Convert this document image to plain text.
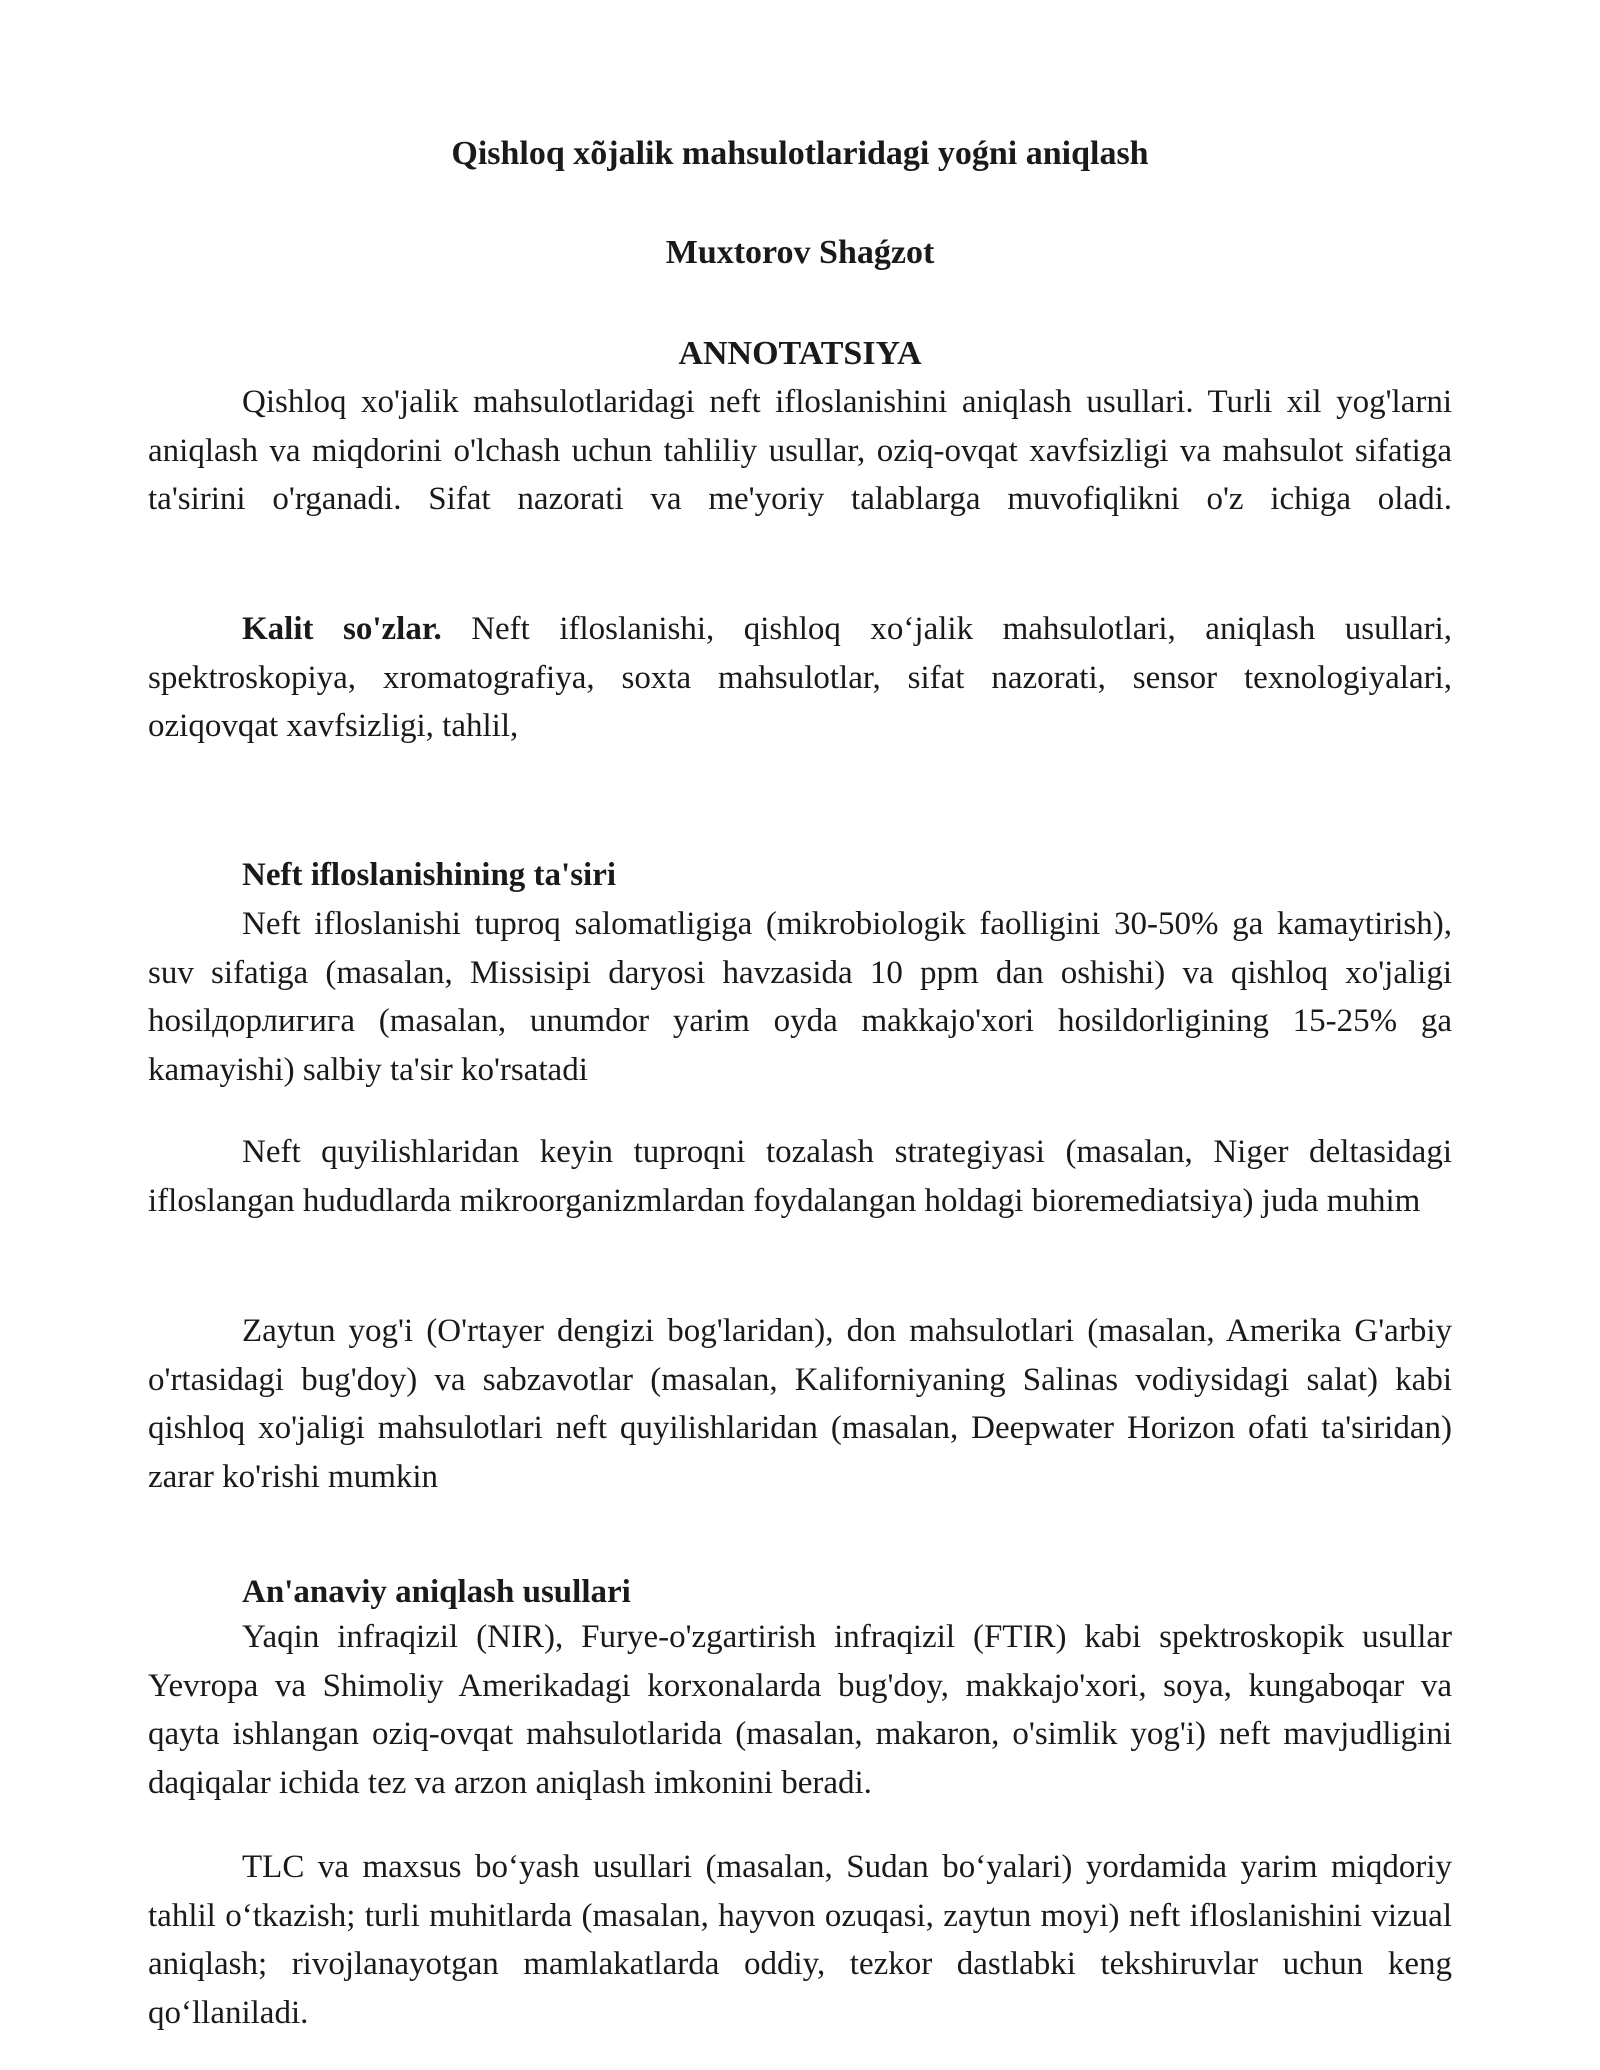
Qishloq xõjalik mahsulotlaridagi yoǵni aniqlash
Muxtorov Shaǵzot
ANNOTATSIYA

Qishloq xo'jalik mahsulotlaridagi neft ifloslanishini aniqlash usullari. Turli xil yog'larni aniqlash va miqdorini o'lchash uchun tahliliy usullar, oziq-ovqat xavfsizligi va mahsulot sifatiga ta'sirini o'rganadi. Sifat nazorati va me'yoriy talablarga muvofiqlikni o'z ichiga oladi.

Kalit so'zlar. Neft ifloslanishi, qishloq xo‘jalik mahsulotlari, aniqlash usullari, spektroskopiya, xromatografiya, soxta mahsulotlar, sifat nazorati, sensor texnologiyalari, oziqovqat xavfsizligi, tahlil,

Neft ifloslanishining ta'siri

Neft ifloslanishi tuproq salomatligiga (mikrobiologik faolligini 30-50% ga kamaytirish), suv sifatiga (masalan, Missisipi daryosi havzasida 10 ppm dan oshishi) va qishloq xo'jaligi hosilдорлигига (masalan, unumdor yarim oyda makkajo'xori hosildorligining 15-25% ga kamayishi) salbiy ta'sir ko'rsatadi

Neft quyilishlaridan keyin tuproqni tozalash strategiyasi (masalan, Niger deltasidagi ifloslangan hududlarda mikroorganizmlardan foydalangan holdagi bioremediatsiya) juda muhim

Zaytun yog'i (O'rtayer dengizi bog'laridan), don mahsulotlari (masalan, Amerika G'arbiy o'rtasidagi bug'doy) va sabzavotlar (masalan, Kaliforniyaning Salinas vodiysidagi salat) kabi qishloq xo'jaligi mahsulotlari neft quyilishlaridan (masalan, Deepwater Horizon ofati ta'siridan) zarar ko'rishi mumkin

An'anaviy aniqlash usullari

Yaqin infraqizil (NIR), Furye-o'zgartirish infraqizil (FTIR) kabi spektroskopik usullar Yevropa va Shimoliy Amerikadagi korxonalarda bug'doy, makkajo'xori, soya, kungaboqar va qayta ishlangan oziq-ovqat mahsulotlarida (masalan, makaron, o'simlik yog'i) neft mavjudligini daqiqalar ichida tez va arzon aniqlash imkonini beradi.

TLC va maxsus bo‘yash usullari (masalan, Sudan bo‘yalari) yordamida yarim miqdoriy tahlil o‘tkazish; turli muhitlarda (masalan, hayvon ozuqasi, zaytun moyi) neft ifloslanishini vizual aniqlash; rivojlanayotgan mamlakatlarda oddiy, tezkor dastlabki tekshiruvlar uchun keng qo‘llaniladi.
